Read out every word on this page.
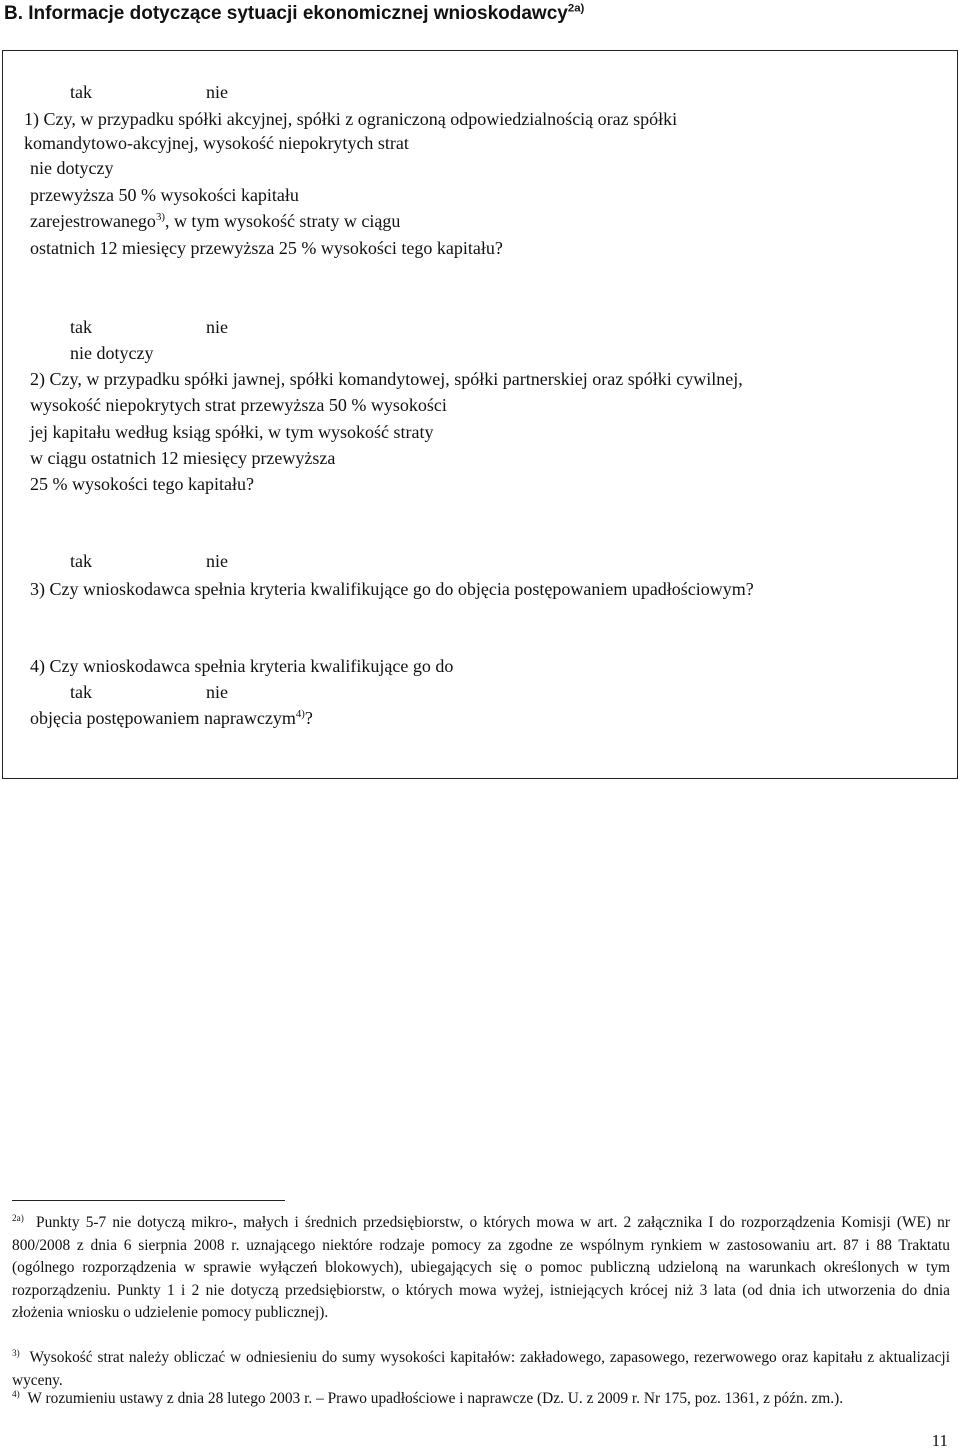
B. Informacje dotyczące sytuacji ekonomicznej wnioskodawcy$^{2a)}$
tak	nie
1) Czy, w przypadku spółki akcyjnej, spółki z ograniczoną odpowiedzialnością oraz spółki
komandytowo-akcyjnej, wysokość niepokrytych strat
nie dotyczy
przewyższa 50 % wysokości kapitału
zarejestrowanego$^{3)}$, w tym wysokość straty w ciągu
ostatnich 12 miesięcy przewyższa 25 % wysokości tego kapitału?
tak	nie
nie dotyczy
2) Czy, w przypadku spółki jawnej, spółki komandytowej, spółki partnerskiej oraz spółki cywilnej,
wysokość niepokrytych strat przewyższa 50 % wysokości
jej kapitału według ksiąg spółki, w tym wysokość straty
w ciągu ostatnich 12 miesięcy przewyższa
25 % wysokości tego kapitału?
tak	nie
3) Czy wnioskodawca spełnia kryteria kwalifikujące go do objęcia postępowaniem upadłościowym?
4) Czy wnioskodawca spełnia kryteria kwalifikujące go do
tak	nie
objęcia postępowaniem naprawczym$^{4)}$?
$^{2a)}$ Punkty 5-7 nie dotyczą mikro-, małych i średnich przedsiębiorstw, o których mowa w art. 2 załącznika I do rozporządzenia Komisji (WE) nr 800/2008 z dnia 6 sierpnia 2008 r. uznającego niektóre rodzaje pomocy za zgodne ze wspólnym rynkiem w zastosowaniu art. 87 i 88 Traktatu (ogólnego rozporządzenia w sprawie wyłączeń blokowych), ubiegających się o pomoc publiczną udzieloną na warunkach określonych w tym rozporządzeniu. Punkty 1 i 2 nie dotyczą przedsiębiorstw, o których mowa wyżej, istniejących krócej niż 3 lata (od dnia ich utworzenia do dnia złożenia wniosku o udzielenie pomocy publicznej).
$^{3)}$ Wysokość strat należy obliczać w odniesieniu do sumy wysokości kapitałów: zakładowego, zapasowego, rezerwowego oraz kapitału z aktualizacji wyceny.
$^{4)}$ W rozumieniu ustawy z dnia 28 lutego 2003 r. – Prawo upadłościowe i naprawcze (Dz. U. z 2009 r. Nr 175, poz. 1361, z późn. zm.).
11
